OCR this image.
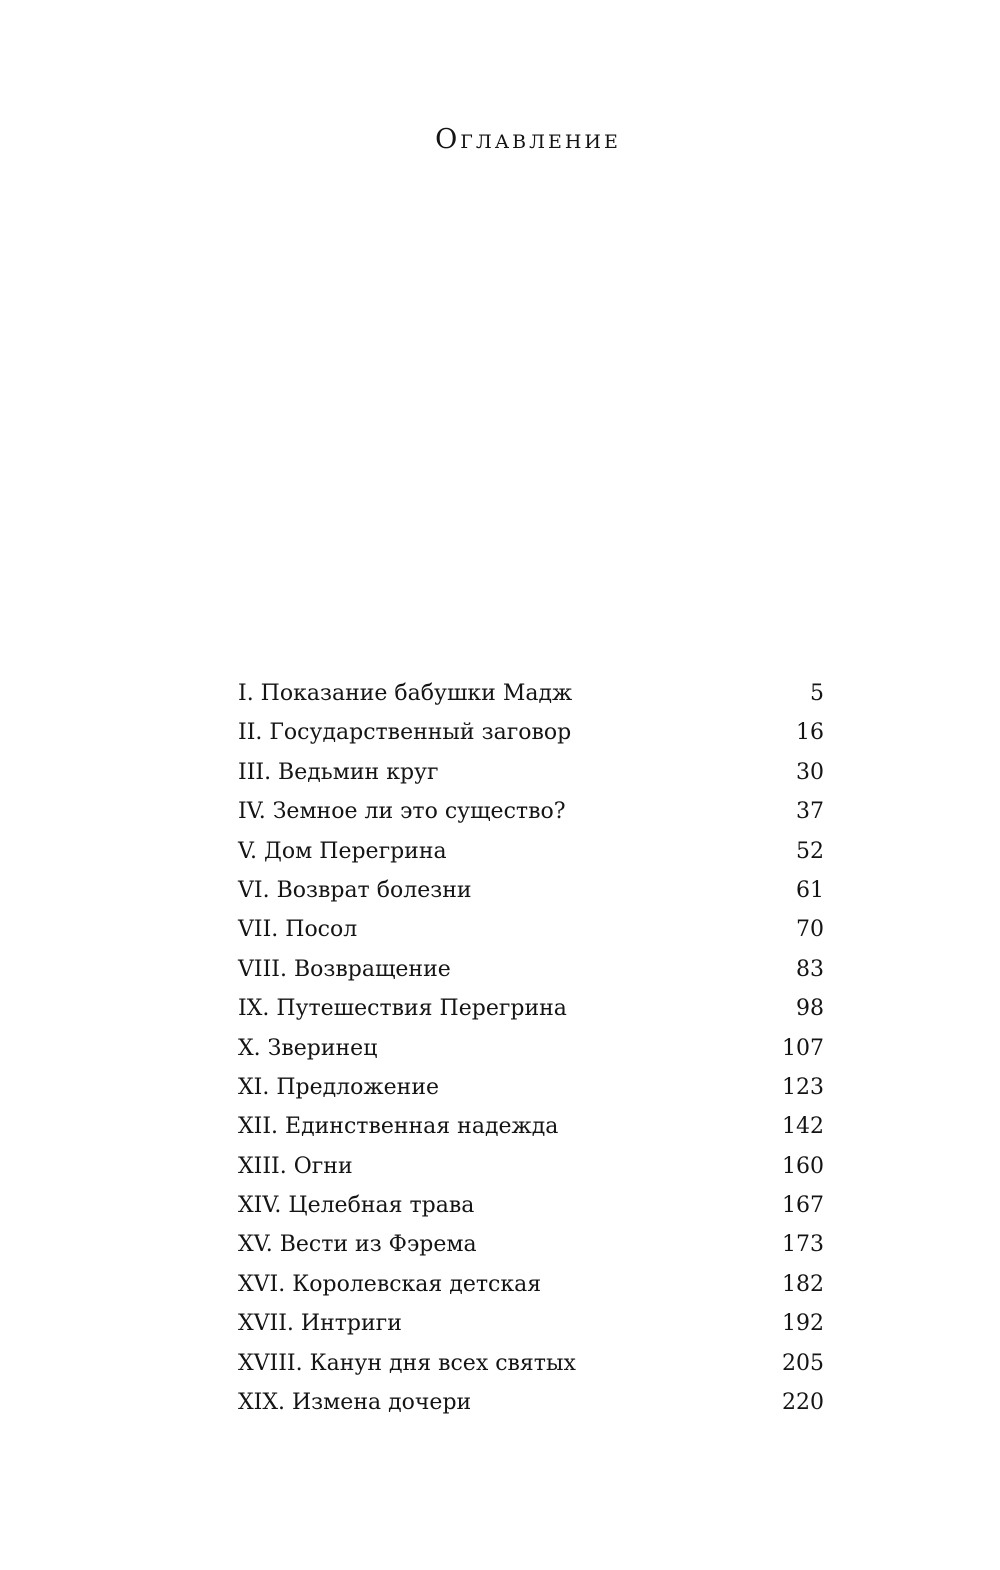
Оглавление
I. Показание бабушки Мадж	5
II. Государственный заговор	16
III. Ведьмин круг	30
IV. Земное ли это существо?	37
V. Дом Перегрина	52
VI. Возврат болезни	61
VII. Посол	70
VIII. Возвращение	83
IX. Путешествия Перегрина	98
X. Зверинец	107
XI. Предложение	123
XII. Единственная надежда	142
XIII. Огни	160
XIV. Целебная трава	167
XV. Вести из Фэрема	173
XVI. Королевская детская	182
XVII. Интриги	192
XVIII. Канун дня всех святых	205
XIX. Измена дочери	220
